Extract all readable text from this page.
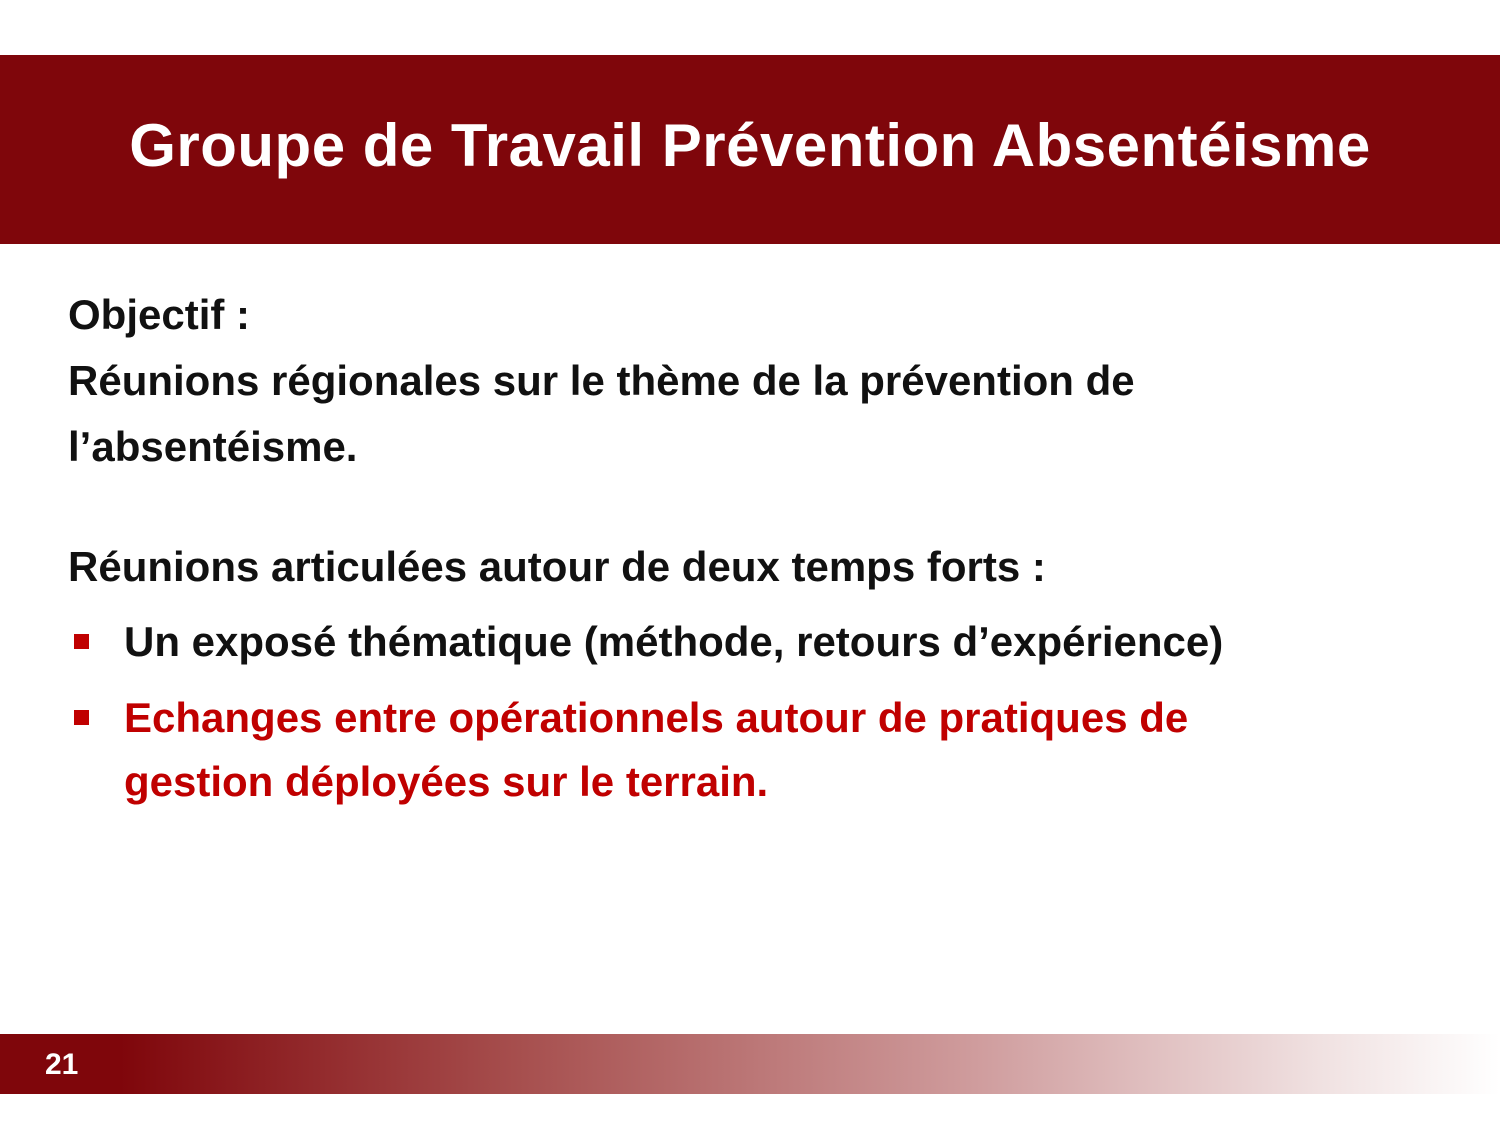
Groupe de Travail Prévention Absentéisme

Objectif :

Réunions régionales sur le thème de la prévention de
l’absentéisme.

Réunions articulées autour de deux temps forts :

Un exposé thématique (méthode, retours d’expérience)
Echanges entre opérationnels autour de pratiques de
gestion déployées sur le terrain.
21
